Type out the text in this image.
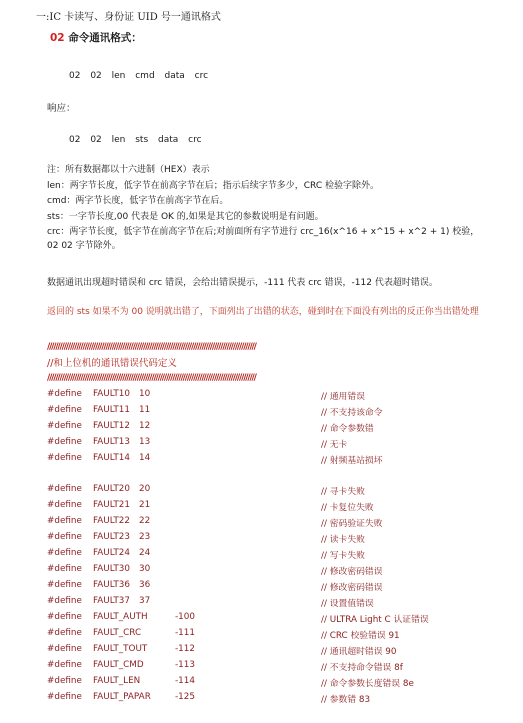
一:IC 卡读写、身份证 UID 号一通讯格式
02 命令通讯格式：
02 02 len cmd data crc
响应：
02 02 len sts data crc

注：所有数据都以十六进制（HEX）表示

len：两字节长度，低字节在前高字节在后；指示后续字节多少，CRC 检验字除外。

cmd：两字节长度，低字节在前高字节在后。

sts：一字节长度,00 代表是 OK 的,如果是其它的参数说明是有问题。

crc：两字节长度，低字节在前高字节在后;对前面所有字节进行 crc_16(x^16 + x^15 + x^2 + 1) 校验，02 02 字节除外。

数据通讯出现超时错误和 crc 错误，会给出错误提示，-111 代表 crc 错误，-112 代表超时错误。
返回的 sts 如果不为 00 说明就出错了，下面列出了出错的状态，碰到时在下面没有列出的反正你当出错处理
////////////////////////////////////////////////////////////////////////////////////////////////////
//和上位机的通讯错误代码定义
////////////////////////////////////////////////////////////////////////////////////////////////////
#define FAULT10 10	// 通用错误
#define FAULT11 11	// 不支持该命令
#define FAULT12 12	// 命令参数错
#define FAULT13 13	// 无卡
#define FAULT14 14	// 射频基站损坏
#define FAULT20 20	// 寻卡失败
#define FAULT21 21	// 卡复位失败
#define FAULT22 22	// 密码验证失败
#define FAULT23 23	// 读卡失败
#define FAULT24 24	// 写卡失败
#define FAULT30 30	// 修改密码错误
#define FAULT36 36	// 修改密码错误
#define FAULT37 37	// 设置值错误
#define FAULT_AUTH	-100	// ULTRA Light C 认证错误
#define FAULT_CRC	-111	// CRC 校验错误 91
#define FAULT_TOUT	-112	// 通讯超时错误 90
#define FAULT_CMD	-113	// 不支持命令错误 8f
#define FAULT_LEN	-114	// 命令参数长度错误 8e
#define FAULT_PAPAR	-125	// 参数错 83
